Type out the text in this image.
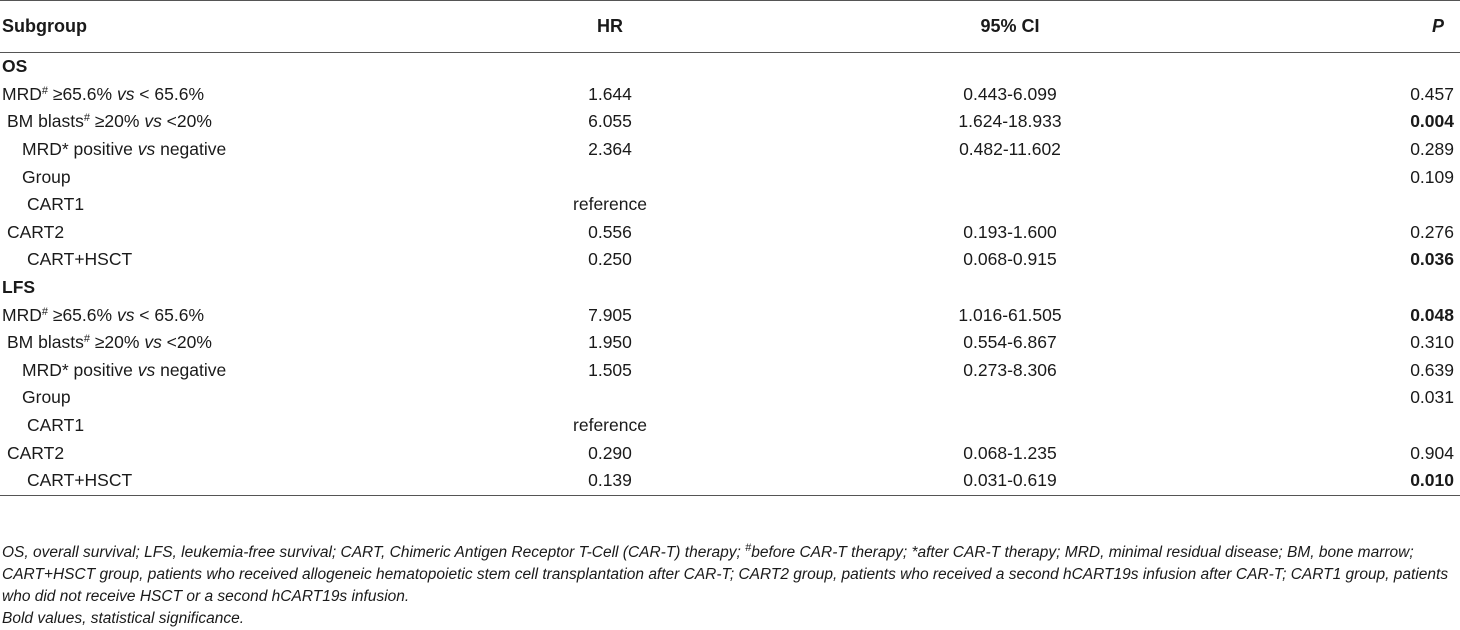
Subgroup	HR	95% CI	P
OS			
MRD# ≥65.6% vs < 65.6%	1.644	0.443-6.099	0.457
BM blasts# ≥20% vs <20%	6.055	1.624-18.933	0.004
MRD* positive vs negative	2.364	0.482-11.602	0.289
Group			0.109
CART1	reference		
CART2	0.556	0.193-1.600	0.276
CART+HSCT	0.250	0.068-0.915	0.036
LFS			
MRD# ≥65.6% vs < 65.6%	7.905	1.016-61.505	0.048
BM blasts# ≥20% vs <20%	1.950	0.554-6.867	0.310
MRD* positive vs negative	1.505	0.273-8.306	0.639
Group			0.031
CART1	reference		
CART2	0.290	0.068-1.235	0.904
CART+HSCT	0.139	0.031-0.619	0.010

OS, overall survival; LFS, leukemia-free survival; CART, Chimeric Antigen Receptor T-Cell (CAR-T) therapy; #before CAR-T therapy; *after CAR-T therapy; MRD, minimal residual disease; BM, bone marrow; CART+HSCT group, patients who received allogeneic hematopoietic stem cell transplantation after CAR-T; CART2 group, patients who received a second hCART19s infusion after CAR-T; CART1 group, patients who did not receive HSCT or a second hCART19s infusion.

Bold values, statistical significance.
